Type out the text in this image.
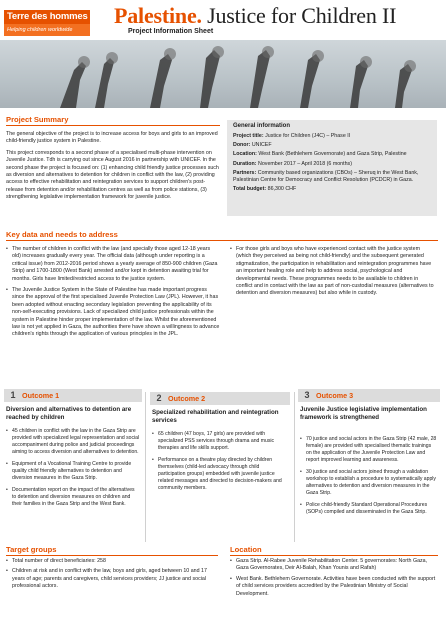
Terre des hommes
Helping children worldwide
Palestine. Justice for Children II
Project Information Sheet
Project Summary
The general objective of the project is to increase access for boys and girls to an improved child-friendly justice system in Palestine.
This project corresponds to a second phase of a specialised multi-phase intervention on Juvenile Justice. Tdh is carrying out since August 2016 in partnership with UNICEF. In the second phase the project is focused on: (1) enhancing child friendly justice processes such as diversion and alternatives to detention for children in conflict with the law, (2) providing access to effective rehabilitation and reintegration services to support children's post-release from detention and/or rehabilitation centres as well as from police stations, (3) strengthening legislative implementation framework for juvenile justice.
General information
Project title: Justice for Children (J4C) – Phase II
Donor: UNICEF
Location: West Bank (Bethlehem Governorate) and Gaza Strip, Palestine
Duration: November 2017 – April 2018 (6 months)
Partners: Community based organizations (CBOs) – Sheruq in the West Bank, Palestinian Centre for Democracy and Conflict Resolution (PCDCR) in Gaza.
Total budget: 86,300 CHF
Key data and needs to address
• The number of children in conflict with the law (and specially those aged 12-18 years old) increases gradually every year. The official data (although under reporting is a critical issue) from 2012-2016 period shows a yearly average of 850-900 children (Gaza Strip) and 1700-1800 (West Bank) arrested and/or kept in detention awaiting trial for months. Girls have limited/restricted access to the justice system.
• The Juvenile Justice System in the State of Palestine has made important progress since the approval of the first specialised Juvenile Protection Law (JPL). However, it has been adopted without enacting secondary legislation preventing the applicability of its non-self-executing provisions. Lack of specialized child justice professionals within the system in Palestine hinder proper implementation of the law. Whilst the aforementioned law is not yet applied in Gaza, the authorities there have shown a willingness to advance children's rights through the application of various principles in the JPL.
• For those girls and boys who have experienced contact with the justice system (which they perceived as being not child-friendly) and the subsequent generated stigmatization, the participation in rehabilitation and reintegration programmes have an important healing role and help to address social, psychological and developmental needs. These programmes needs to be available to children in conflict and in contact with the law as part of non-custodial measures (alternatives to detention and diversion measures) but also while in custody.
1 Outcome 1
Diversion and alternatives to detention are reached by children
• 45 children in conflict with the law in the Gaza Strip are provided with specialized legal representation and social accompaniment during police and judicial proceedings aiming to access diversion and alternatives to detention.
• Equipment of a Vocational Training Centre to provide quality child friendly alternatives to detention and diversion measures in the Gaza Strip.
• Documentation report on the impact of the alternatives to detention and diversion measures on children and their families in the Gaza Strip and the West Bank.
2 Outcome 2
Specialized rehabilitation and reintegration services
• 65 children (47 boys, 17 girls) are provided with specialized PSS services through drama and music therapies and life skills support.
• Performance on a theatre play directed by children themselves (child-led advocacy through child participation groups) embedded with juvenile justice related messages and directed to decision-makers and community members.
3 Outcome 3
Juvenile Justice legislative implementation framework is strengthened
• 70 justice and social actors in the Gaza Strip (42 male, 28 female) are provided with specialised thematic trainings on the application of the Juvenile Protection Law and report improved learning and awareness.
• 30 justice and social actors joined through a validation workshop to establish a procedure to systematically apply alternatives to detention and diversion measures in the Gaza Strip.
• Police child-friendly Standard Operational Procedures (SOPs) compiled and disseminated in the Gaza Strip.
Target groups
• Total number of direct beneficiaries: 258
• Children at risk and in conflict with the law, boys and girls, aged between 10 and 17 years of age; parents and caregivers, child services providers; JJ justice and social professional actors.
Location
• Gaza Strip. Al-Rabee Juvenile Rehabilitation Center. 5 governorates: North Gaza, Gaza Governorates, Deir Al-Balah, Khan Younis and Rafah)
• West Bank. Bethlehem Governorate. Activities have been conducted with the support of child services providers accredited by the Palestinian Ministry of Social Development.
